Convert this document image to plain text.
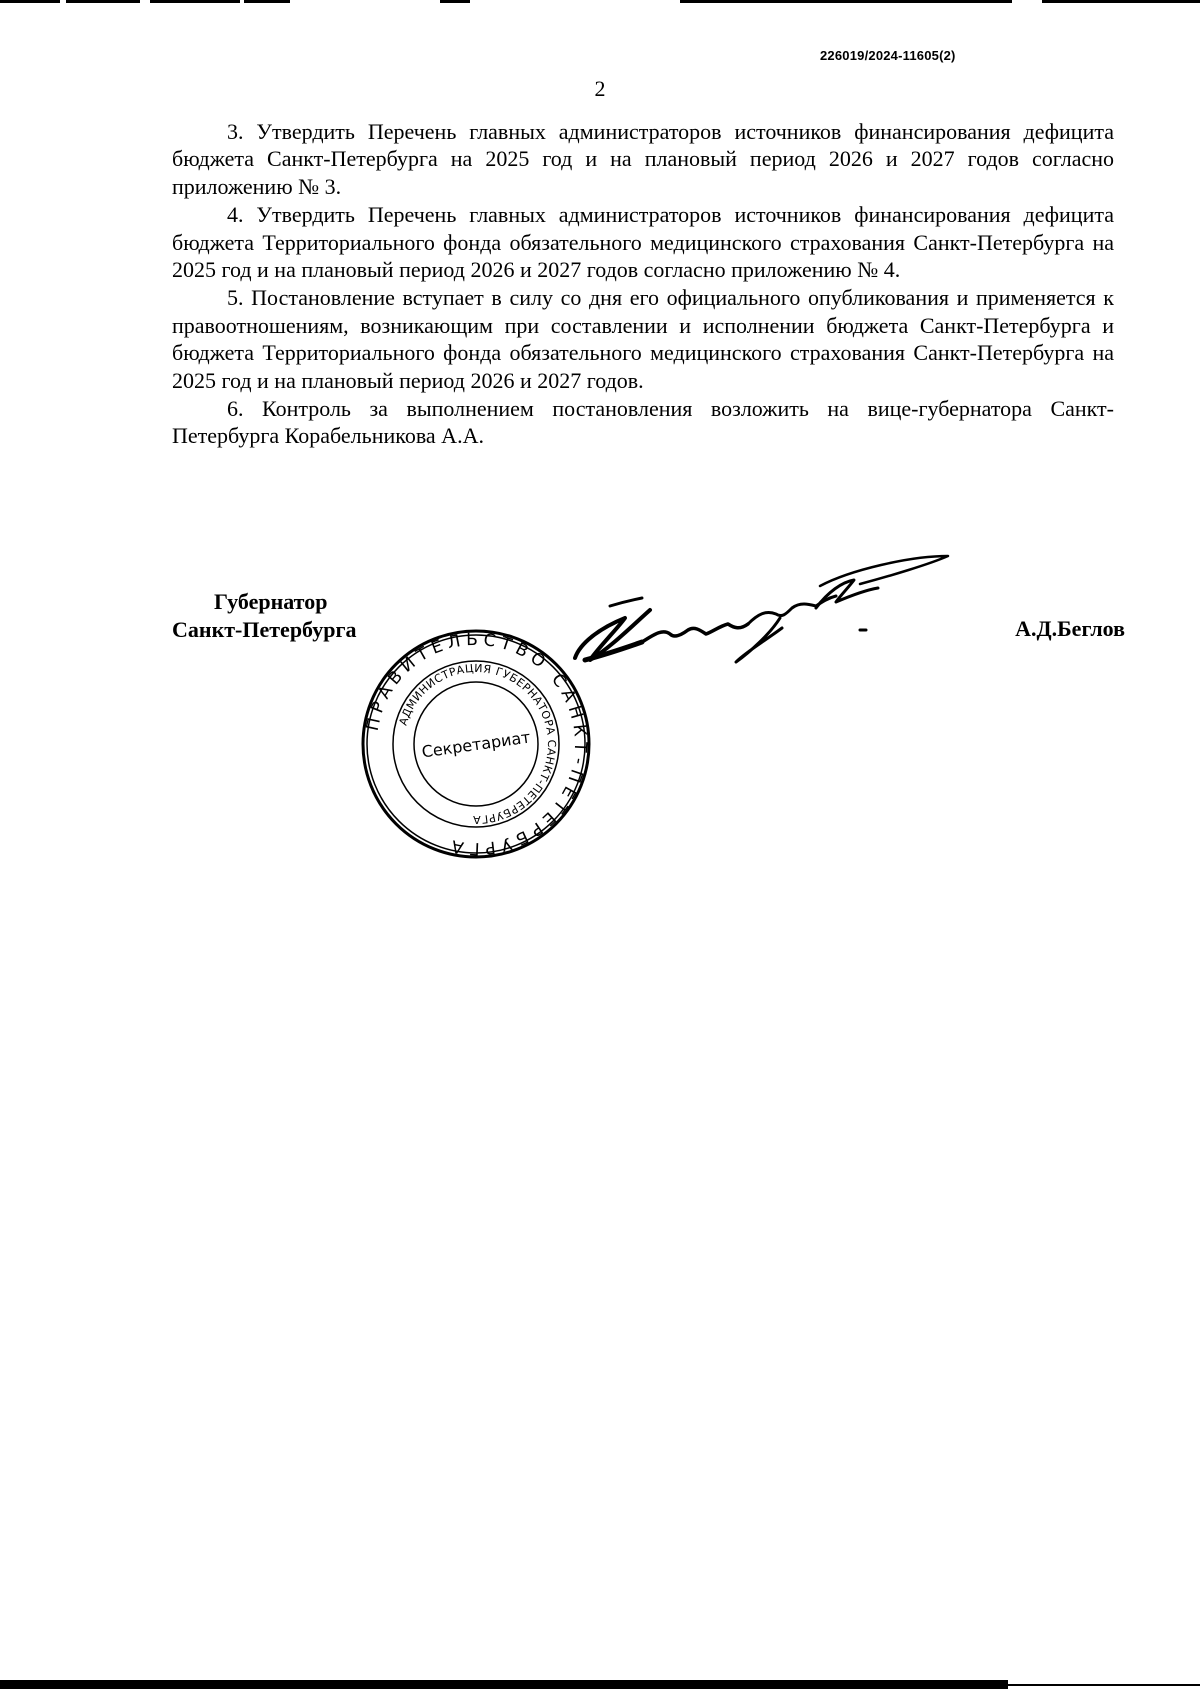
226019/2024-11605(2)
2

3. Утвердить Перечень главных администраторов источников финансирования дефицита бюджета Санкт-Петербурга на 2025 год и на плановый период 2026 и 2027 годов согласно приложению № 3.

4. Утвердить Перечень главных администраторов источников финансирования дефицита бюджета Территориального фонда обязательного медицинского страхования Санкт-Петербурга на 2025 год и на плановый период 2026 и 2027 годов согласно приложению № 4.

5. Постановление вступает в силу со дня его официального опубликования и применяется к правоотношениям, возникающим при составлении и исполнении бюджета Санкт-Петербурга и бюджета Территориального фонда обязательного медицинского страхования Санкт-Петербурга на 2025 год и на плановый период 2026 и 2027 годов.

6. Контроль за выполнением постановления возложить на вице-губернатора Санкт-Петербурга Корабельникова А.А.

Губернатор
Санкт-Петербурга
ПРАВИТЕЛЬСТВО САНКТ-ПЕТЕРБУРГА
АДМИНИСТРАЦИЯ ГУБЕРНАТОРА САНКТ-ПЕТЕРБУРГА
Секретариат
А.Д.Беглов
